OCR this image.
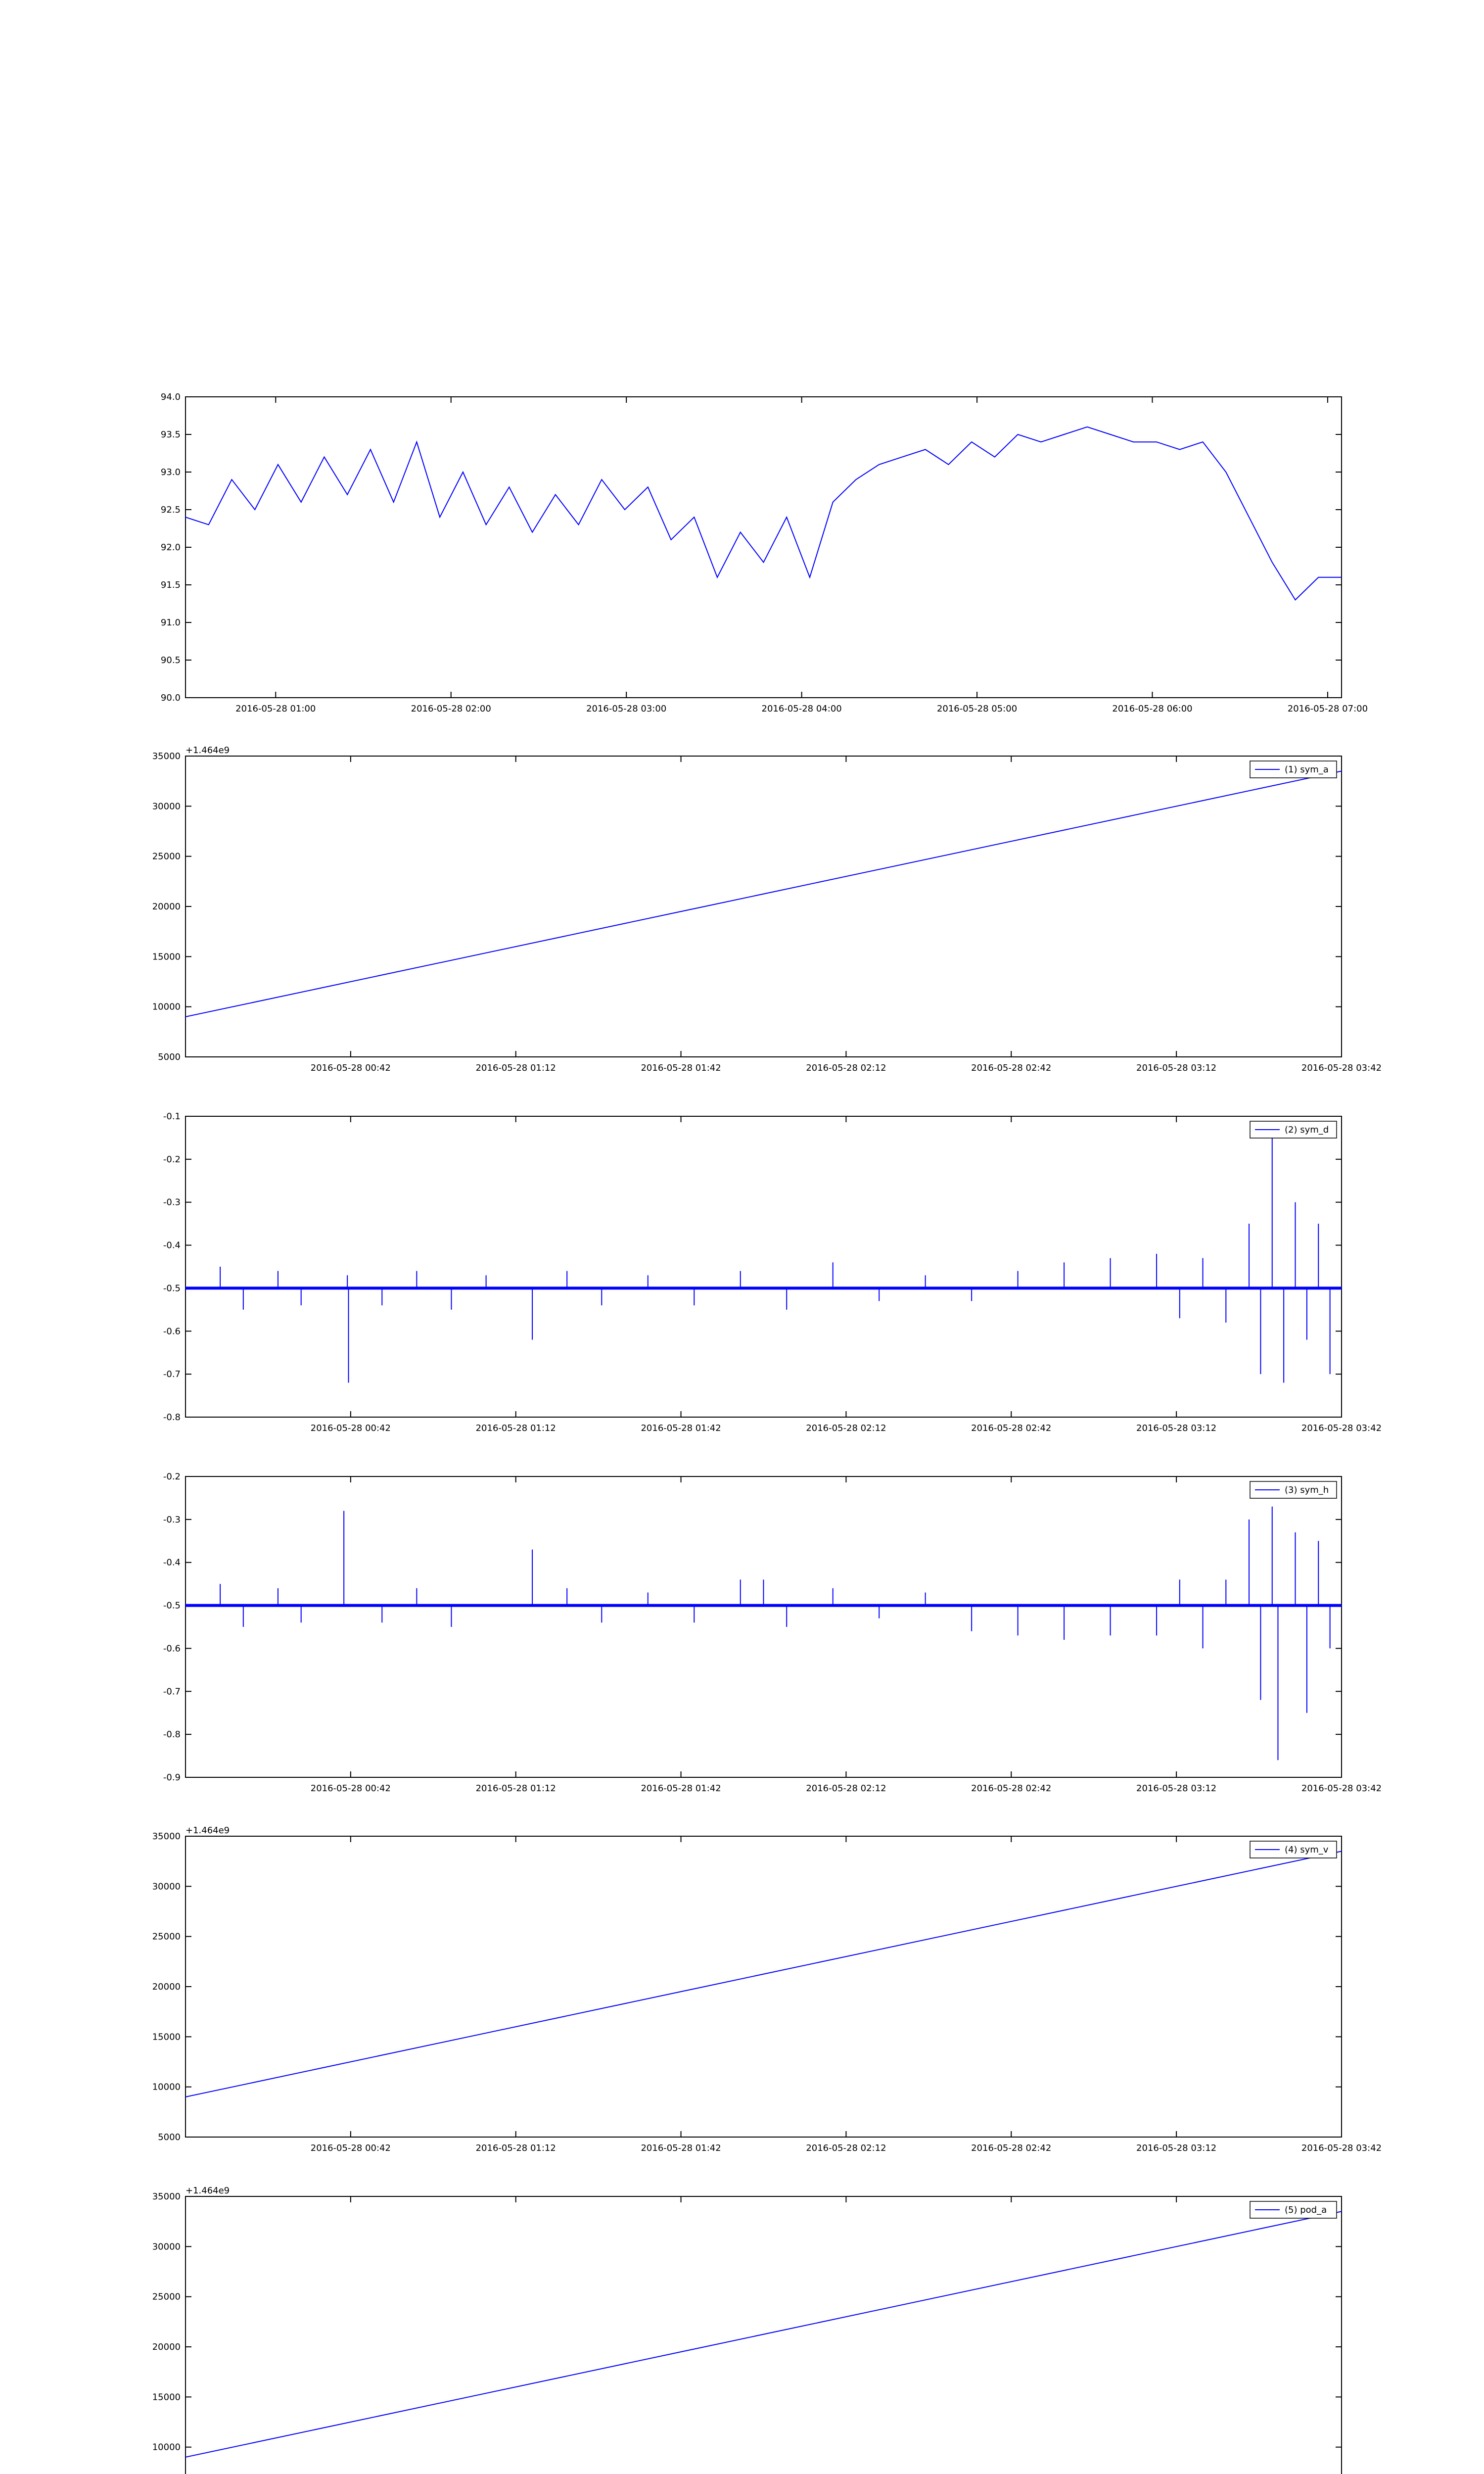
90.0
90.5
91.0
91.5
92.0
92.5
93.0
93.5
94.0
2016-05-28 01:00	2016-05-28 02:00	2016-05-28 03:00	2016-05-28 04:00	2016-05-28 05:00	2016-05-28 06:00	2016-05-28 07:00
5000
10000
15000
20000
25000
30000
35000
2016-05-28 00:42	2016-05-28 01:12	2016-05-28 01:42	2016-05-28 02:12	2016-05-28 02:42	2016-05-28 03:12	2016-05-28 03:42
+1.464e9
(1) sym_a
-0.8
-0.7
-0.6
-0.5
-0.4
-0.3
-0.2
-0.1
2016-05-28 00:42	2016-05-28 01:12	2016-05-28 01:42	2016-05-28 02:12	2016-05-28 02:42	2016-05-28 03:12	2016-05-28 03:42
(2) sym_d
-0.9
-0.8
-0.7
-0.6
-0.5
-0.4
-0.3
-0.2
2016-05-28 00:42	2016-05-28 01:12	2016-05-28 01:42	2016-05-28 02:12	2016-05-28 02:42	2016-05-28 03:12	2016-05-28 03:42
(3) sym_h
5000
10000
15000
20000
25000
30000
35000
2016-05-28 00:42	2016-05-28 01:12	2016-05-28 01:42	2016-05-28 02:12	2016-05-28 02:42	2016-05-28 03:12	2016-05-28 03:42
+1.464e9
(4) sym_v
10000
15000
20000
25000
30000
35000
+1.464e9
(5) pod_a
